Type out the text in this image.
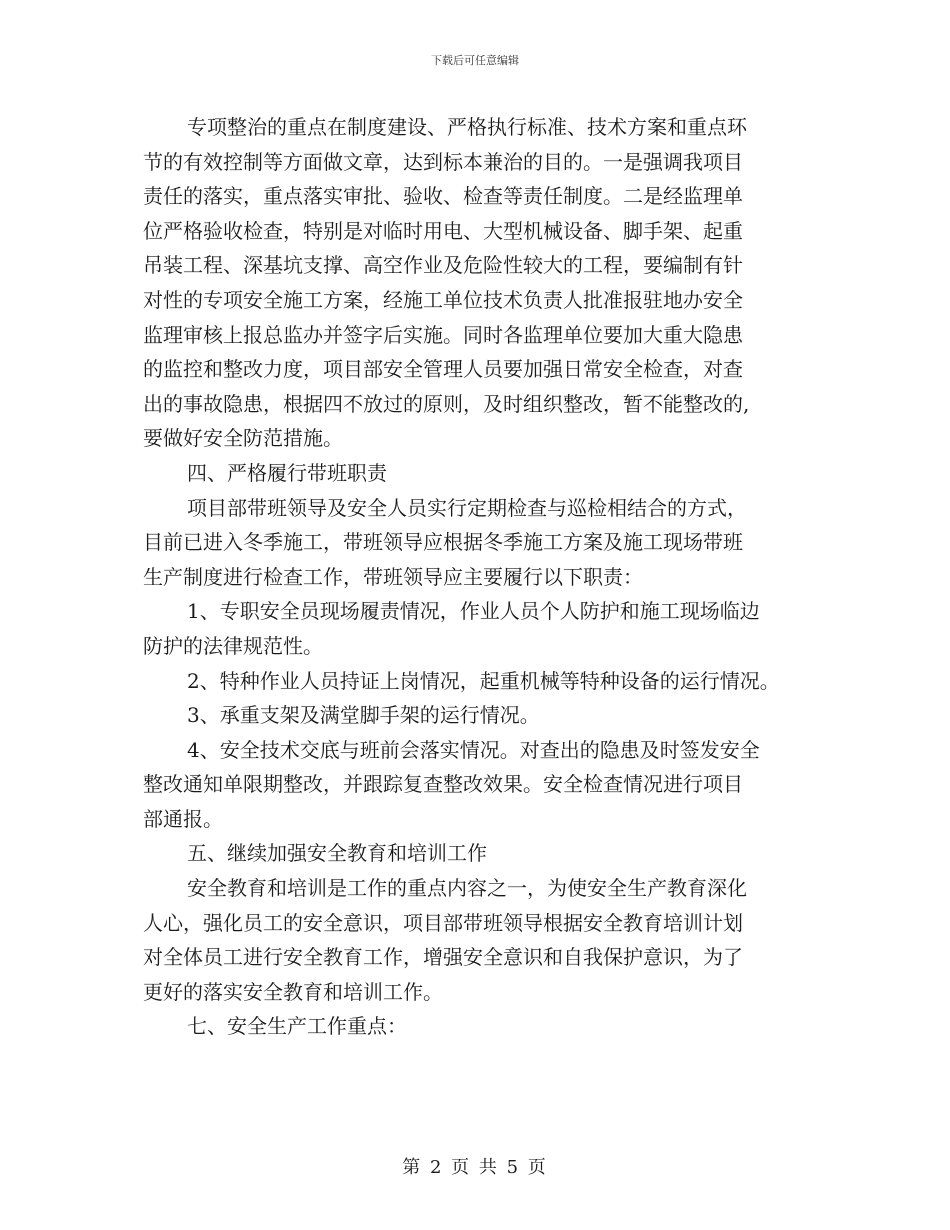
下载后可任意编辑
专项整治的重点在制度建设、严格执行标准、技术方案和重点环
节的有效控制等方面做文章，达到标本兼治的目的。一是强调我项目
责任的落实，重点落实审批、验收、检查等责任制度。二是经监理单
位严格验收检查，特别是对临时用电、大型机械设备、脚手架、起重
吊装工程、深基坑支撑、高空作业及危险性较大的工程，要编制有针
对性的专项安全施工方案，经施工单位技术负责人批准报驻地办安全
监理审核上报总监办并签字后实施。同时各监理单位要加大重大隐患
的监控和整改力度，项目部安全管理人员要加强日常安全检查，对查
出的事故隐患，根据四不放过的原则，及时组织整改，暂不能整改的,
要做好安全防范措施。
四、严格履行带班职责
项目部带班领导及安全人员实行定期检查与巡检相结合的方式，
目前已进入冬季施工，带班领导应根据冬季施工方案及施工现场带班
生产制度进行检查工作，带班领导应主要履行以下职责：
1、专职安全员现场履责情况，作业人员个人防护和施工现场临边
防护的法律规范性。
2、特种作业人员持证上岗情况，起重机械等特种设备的运行情况。
3、承重支架及满堂脚手架的运行情况。
4、安全技术交底与班前会落实情况。对查出的隐患及时签发安全
整改通知单限期整改，并跟踪复查整改效果。安全检查情况进行项目
部通报。
五、继续加强安全教育和培训工作
安全教育和培训是工作的重点内容之一，为使安全生产教育深化
人心，强化员工的安全意识，项目部带班领导根据安全教育培训计划
对全体员工进行安全教育工作，增强安全意识和自我保护意识，为了
更好的落实安全教育和培训工作。
七、安全生产工作重点：
第 2 页 共 5 页
